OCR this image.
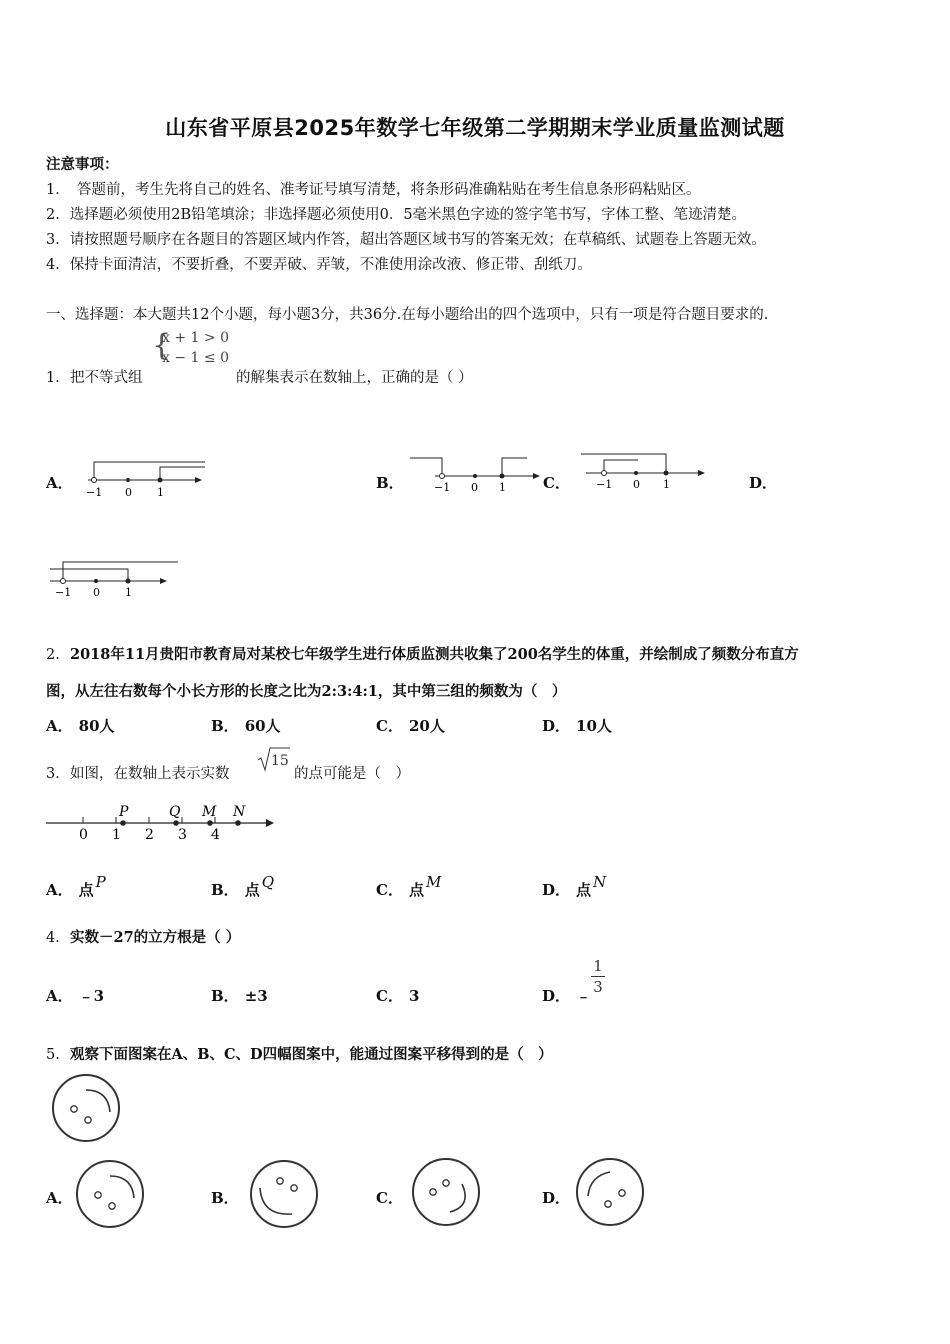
山东省平原县2025年数学七年级第二学期期末学业质量监测试题
注意事项：
1．　答题前，考生先将自己的姓名、准考证号填写清楚，将条形码准确粘贴在考生信息条形码粘贴区。
2．选择题必须使用2B铅笔填涂；非选择题必须使用0．5毫米黑色字迹的签字笔书写，字体工整、笔迹清楚。
3．请按照题号顺序在各题目的答题区域内作答，超出答题区域书写的答案无效；在草稿纸、试题卷上答题无效。
4．保持卡面清洁，不要折叠，不要弄破、弄皱，不准使用涂改液、修正带、刮纸刀。
一、选择题：本大题共12个小题，每小题3分，共36分.在每小题给出的四个选项中，只有一项是符合题目要求的.
1． 把不等式组
{
x + 1 > 0
x − 1 ≤ 0
的解集表示在数轴上，正确的是（ ）
A．
−1 0 1
B．	−1 0 1 C． −1 0 1	D．
−1 0 1
2． 2018年11月贵阳市教育局对某校七年级学生进行体质监测共收集了200名学生的体重，并绘制成了频数分布直方
图，从左往右数每个小长方形的长度之比为2:3:4:1，其中第三组的频数为（　）
A． 80人	B． 60人	C． 20人	D． 10人
3． 如图，在数轴上表示实数
15
的点可能是（　）
0 1 2 3 4
P	Q M N
A． 点 P	B． 点 Q	C． 点 M	D． 点 N
4． 实数－27的立方根是（ ）
A． ﹣3	B． ±3	C． 3	D． ﹣
1
3
5． 观察下面图案在A、B、C、D四幅图案中，能通过图案平移得到的是（　）
A．	B．	C．	D．
